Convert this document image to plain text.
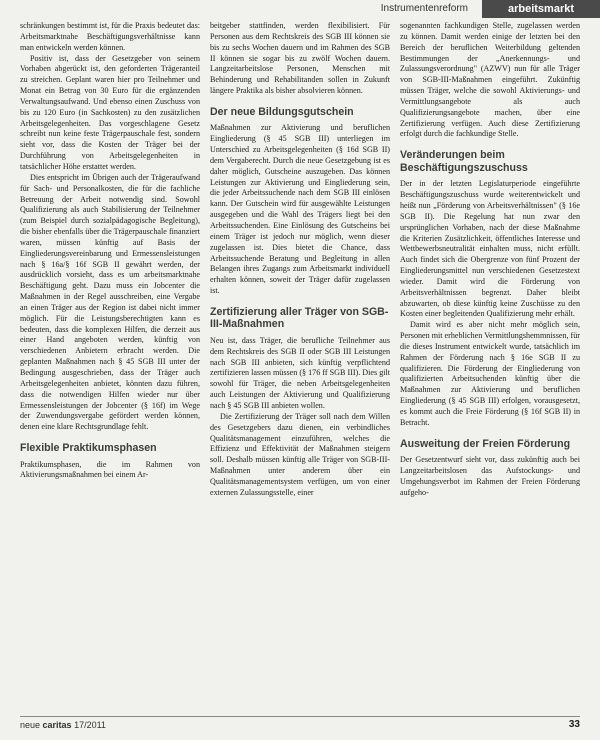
Instrumentenreform	arbeitsmarkt

schränkungen bestimmt ist, für die Praxis bedeutet das: Arbeitsmarktnahe Beschäftigungsverhältnisse kann man entwickeln werden können.

Positiv ist, dass der Gesetzgeber von seinem Vorhaben abgerückt ist, den geforderten Trägeranteil zu streichen. Geplant waren hier pro Teilnehmer und Monat ein Betrag von 30 Euro für die ergänzenden Verwaltungsaufwand. Und ebenso einen Zuschuss von bis zu 120 Euro (in Sachkosten) zu den zusätzlichen Arbeitsgelegenheiten. Das vorgeschlagene Gesetz schreibt nun keine feste Trägerpauschale fest, sondern sieht vor, dass die Kosten der Träger bei der Durchführung von Arbeitsgelegenheiten in tatsächlicher Höhe erstattet werden.

Dies entspricht im Übrigen auch der Trägeraufwand für Sach- und Personalkosten, die für die fachliche Betreuung der Arbeit notwendig sind. Sowohl Qualifizierung als auch Stabilisierung der Teilnehmer (zum Beispiel durch sozialpädagogische Begleitung), die bisher ebenfalls über die Trägerpauschale finanziert waren, müssen künftig auf Basis der Eingliederungsvereinbarung und Ermessensleistungen nach § 16a/§ 16f SGB II gewährt werden, der ausdrücklich vorsieht, dass es um arbeitsmarktnahe Beschäftigung geht. Dazu muss ein Jobcenter die Maßnahmen in der Regel ausschreiben, eine Vergabe an einen Träger aus der Region ist dabei nicht immer möglich. Für die Leistungsberechtigten kann es bedeuten, dass die komplexen Hilfen, die derzeit aus einer Hand angeboten werden, künftig von verschiedenen Anbietern erbracht werden. Die geplanten Maßnahmen nach § 45 SGB III unter der Bedingung ausgeschrieben, dass der Träger auch Arbeitsgelegenheiten anbietet, könnten dazu führen, dass die notwendigen Hilfen wieder nur über Ermessensleistungen der Jobcenter (§ 16f) im Wege der Zuwendungsvergabe gefördert werden können, denen eine klare Rechtsgrundlage fehlt.

Flexible Praktikumsphasen

Praktikumsphasen, die im Rahmen von Aktivierungsmaßnahmen bei einem Ar-

beitgeber stattfinden, werden flexibilisiert. Für Personen aus dem Rechtskreis des SGB III können sie bis zu sechs Wochen dauern und im Rahmen des SGB II können sie sogar bis zu zwölf Wochen dauern. Langzeitarbeitslose Personen, Menschen mit Behinderung und Rehabilitanden sollen in Zukunft längere Praktika als bisher absolvieren können.

Der neue Bildungsgutschein

Maßnahmen zur Aktivierung und beruflichen Eingliederung (§ 45 SGB III) unterliegen im Unterschied zu Arbeitsgelegenheiten (§ 16d SGB II) dem Vergaberecht. Durch die neue Gesetzgebung ist es daher möglich, Gutscheine auszugeben. Das können Leistungen zur Aktivierung und Eingliederung sein, die jeder Arbeitssuchende nach dem SGB III einlösen kann. Der Gutschein wird für ausgewählte Leistungen ausgegeben und die Wahl des Trägers liegt bei den Arbeitssuchenden. Eine Einlösung des Gutscheins bei einem Träger ist jedoch nur möglich, wenn dieser zugelassen ist. Dies bietet die Chance, dass Arbeitssuchende Beratung und Begleitung in allen Belangen ihres Zugangs zum Arbeitsmarkt individuell erhalten können, soweit der Träger dafür zugelassen ist.

Zertifizierung aller Träger von SGB-III-Maßnahmen

Neu ist, dass Träger, die berufliche Teilnehmer aus dem Rechtskreis des SGB II oder SGB III Leistungen nach SGB III anbieten, sich künftig verpflichtend zertifizieren lassen müssen (§ 176 ff SGB III). Dies gilt sowohl für Träger, die neben Arbeitsgelegenheiten auch Leistungen der Aktivierung und Qualifizierung nach § 45 SGB III anbieten wollen.

Die Zertifizierung der Träger soll nach dem Willen des Gesetzgebers dazu dienen, ein verbindliches Qualitätsmanagement einzuführen, welches die Effizienz und Effektivität der Maßnahmen steigern soll. Deshalb müssen künftig alle Träger von SGB-III-Maßnahmen unter anderem über ein Qualitätsmanagementsystem verfügen, um von einer externen Zulassungsstelle, einer

sogenannten fachkundigen Stelle, zugelassen werden zu können. Damit werden einige der letzten bei den Bereich der beruflichen Weiterbildung geltenden Bestimmungen der „Anerkennungs- und Zulassungsverordnung" (AZWV) nun für alle Träger von SGB-III-Maßnahmen eingeführt. Zukünftig müssen Träger, welche die sowohl Aktivierungs- und Vermittlungsangebote als auch Qualifizierungsangebote machen, über eine Zertifizierung verfügen. Auch diese Zertifizierung erfolgt durch die fachkundige Stelle.

Veränderungen beim Beschäftigungszuschuss

Der in der letzten Legislaturperiode eingeführte Beschäftigungszuschuss wurde weiterentwickelt und heißt nun „Förderung von Arbeitsverhältnissen" (§ 16e SGB II). Die Regelung hat nun zwar den ursprünglichen Vorhaben, nach der diese Maßnahme die Kriterien Zusätzlichkeit, öffentliches Interesse und Wettbewerbsneutralität einhalten muss, nicht erfüllt. Auch findet sich die Obergrenze von fünf Prozent der Eingliederungsmittel nun verschiedenen Gesetzestext wieder. Damit wird die Förderung von Arbeitsverhältnissen begrenzt. Daher bleibt abzuwarten, ob diese künftig keine Zuschüsse zu den Kosten einer begleitenden Qualifizierung mehr erhält.

Damit wird es aber nicht mehr möglich sein, Personen mit erheblichen Vermittlungshemmnissen, für die dieses Instrument entwickelt wurde, tatsächlich im Rahmen der Förderung nach § 16e SGB II zu qualifizieren. Die Förderung der Eingliederung von qualifizierten Arbeitsuchenden künftig über die Maßnahmen zur Aktivierung und beruflichen Eingliederung (§ 45 SGB III) erfolgen, vorausgesetzt, es kommt auch die Freie Förderung (§ 16f SGB II) in Betracht.

Ausweitung der Freien Förderung

Der Gesetzentwurf sieht vor, dass zukünftig auch bei Langzeitarbeitslosen das Aufstockungs- und Umgehungsverbot im Rahmen der Freien Förderung aufgeho-

neue caritas 17/2011	33
